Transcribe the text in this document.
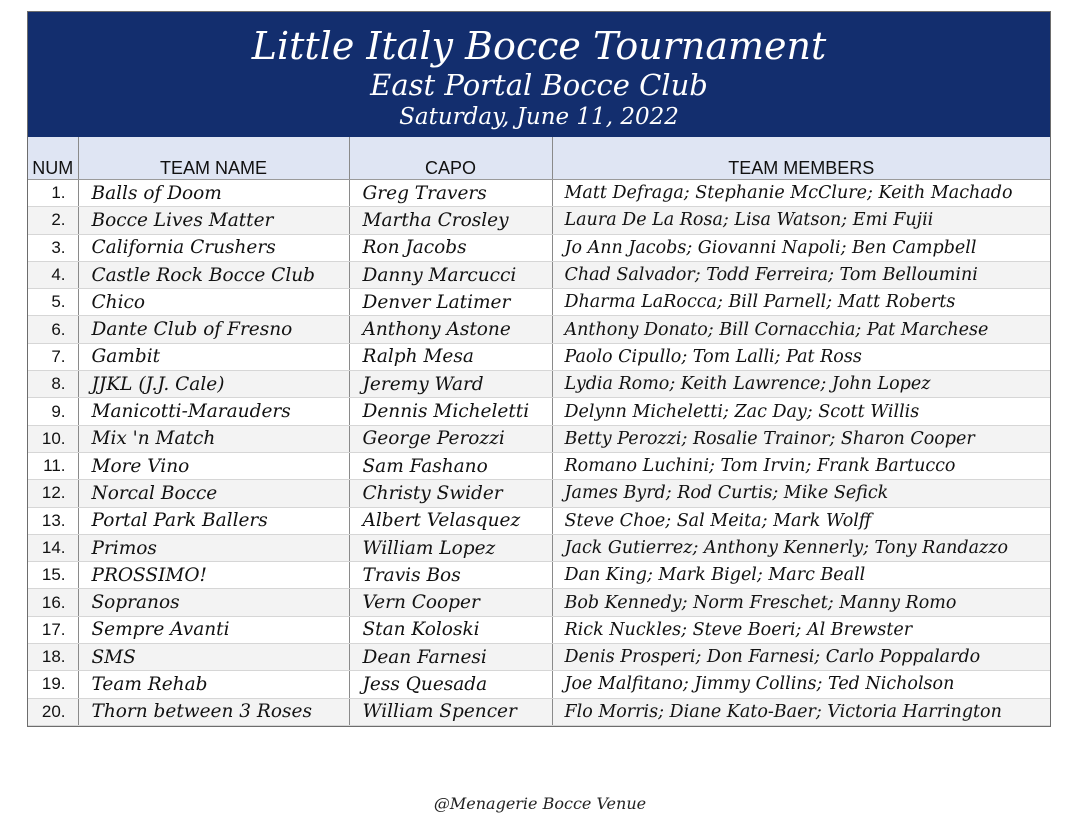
Little Italy Bocce Tournament
East Portal Bocce Club
Saturday, June 11, 2022
NUM	TEAM NAME	CAPO	TEAM MEMBERS
1.	Balls of Doom	Greg Travers	Matt Defraga; Stephanie McClure; Keith Machado
2.	Bocce Lives Matter	Martha Crosley	Laura De La Rosa; Lisa Watson; Emi Fujii
3.	California Crushers	Ron Jacobs	Jo Ann Jacobs; Giovanni Napoli; Ben Campbell
4.	Castle Rock Bocce Club	Danny Marcucci	Chad Salvador; Todd Ferreira; Tom Belloumini
5.	Chico	Denver Latimer	Dharma LaRocca; Bill Parnell; Matt Roberts
6.	Dante Club of Fresno	Anthony Astone	Anthony Donato; Bill Cornacchia; Pat Marchese
7.	Gambit	Ralph Mesa	Paolo Cipullo; Tom Lalli; Pat Ross
8.	JJKL (J.J. Cale)	Jeremy Ward	Lydia Romo; Keith Lawrence; John Lopez
9.	Manicotti-Marauders	Dennis Micheletti	Delynn Micheletti; Zac Day; Scott Willis
10.	Mix 'n Match	George Perozzi	Betty Perozzi; Rosalie Trainor; Sharon Cooper
11.	More Vino	Sam Fashano	Romano Luchini; Tom Irvin; Frank Bartucco
12.	Norcal Bocce	Christy Swider	James Byrd; Rod Curtis; Mike Sefick
13.	Portal Park Ballers	Albert Velasquez	Steve Choe; Sal Meita; Mark Wolff
14.	Primos	William Lopez	Jack Gutierrez; Anthony Kennerly; Tony Randazzo
15.	PROSSIMO!	Travis Bos	Dan King; Mark Bigel; Marc Beall
16.	Sopranos	Vern Cooper	Bob Kennedy; Norm Freschet; Manny Romo
17.	Sempre Avanti	Stan Koloski	Rick Nuckles; Steve Boeri; Al Brewster
18.	SMS	Dean Farnesi	Denis Prosperi; Don Farnesi; Carlo Poppalardo
19.	Team Rehab	Jess Quesada	Joe Malfitano; Jimmy Collins; Ted Nicholson
20.	Thorn between 3 Roses	William Spencer	Flo Morris; Diane Kato-Baer; Victoria Harrington
@Menagerie Bocce Venue
